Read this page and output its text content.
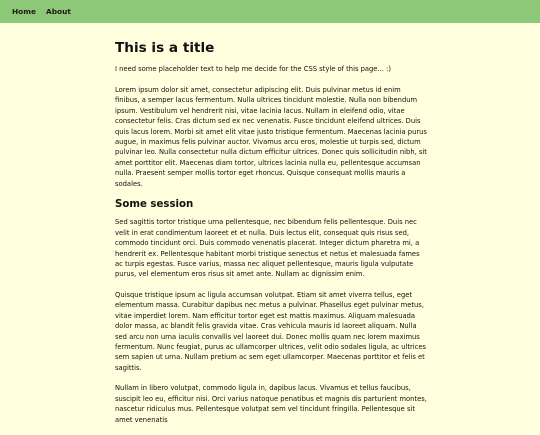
Home About
This is a title

I need some placeholder text to help me decide for the CSS style of this page... :)

Lorem ipsum dolor sit amet, consectetur adipiscing elit. Duis pulvinar metus id enim finibus, a semper lacus fermentum. Nulla ultrices tincidunt molestie. Nulla non bibendum ipsum. Vestibulum vel hendrerit nisi, vitae lacinia lacus. Nullam in eleifend odio, vitae consectetur felis. Cras dictum sed ex nec venenatis. Fusce tincidunt eleifend ultrices. Duis quis lacus lorem. Morbi sit amet elit vitae justo tristique fermentum. Maecenas lacinia purus augue, in maximus felis pulvinar auctor. Vivamus arcu eros, molestie ut turpis sed, dictum pulvinar leo. Nulla consectetur nulla dictum efficitur ultrices. Donec quis sollicitudin nibh, sit amet porttitor elit. Maecenas diam tortor, ultrices lacinia nulla eu, pellentesque accumsan nulla. Praesent semper mollis tortor eget rhoncus. Quisque consequat mollis mauris a sodales.

Some session

Sed sagittis tortor tristique urna pellentesque, nec bibendum felis pellentesque. Duis nec velit in erat condimentum laoreet et et nulla. Duis lectus elit, consequat quis risus sed, commodo tincidunt orci. Duis commodo venenatis placerat. Integer dictum pharetra mi, a hendrerit ex. Pellentesque habitant morbi tristique senectus et netus et malesuada fames ac turpis egestas. Fusce varius, massa nec aliquet pellentesque, mauris ligula vulputate purus, vel elementum eros risus sit amet ante. Nullam ac dignissim enim.

Quisque tristique ipsum ac ligula accumsan volutpat. Etiam sit amet viverra tellus, eget elementum massa. Curabitur dapibus nec metus a pulvinar. Phasellus eget pulvinar metus, vitae imperdiet lorem. Nam efficitur tortor eget est mattis maximus. Aliquam malesuada dolor massa, ac blandit felis gravida vitae. Cras vehicula mauris id laoreet aliquam. Nulla sed arcu non urna iaculis convallis vel laoreet dui. Donec mollis quam nec lorem maximus fermentum. Nunc feugiat, purus ac ullamcorper ultrices, velit odio sodales ligula, ac ultrices sem sapien ut urna. Nullam pretium ac sem eget ullamcorper. Maecenas porttitor et felis et sagittis.

Nullam in libero volutpat, commodo ligula in, dapibus lacus. Vivamus et tellus faucibus, suscipit leo eu, efficitur nisi. Orci varius natoque penatibus et magnis dis parturient montes, nascetur ridiculus mus. Pellentesque volutpat sem vel tincidunt fringilla. Pellentesque sit amet venenatis
